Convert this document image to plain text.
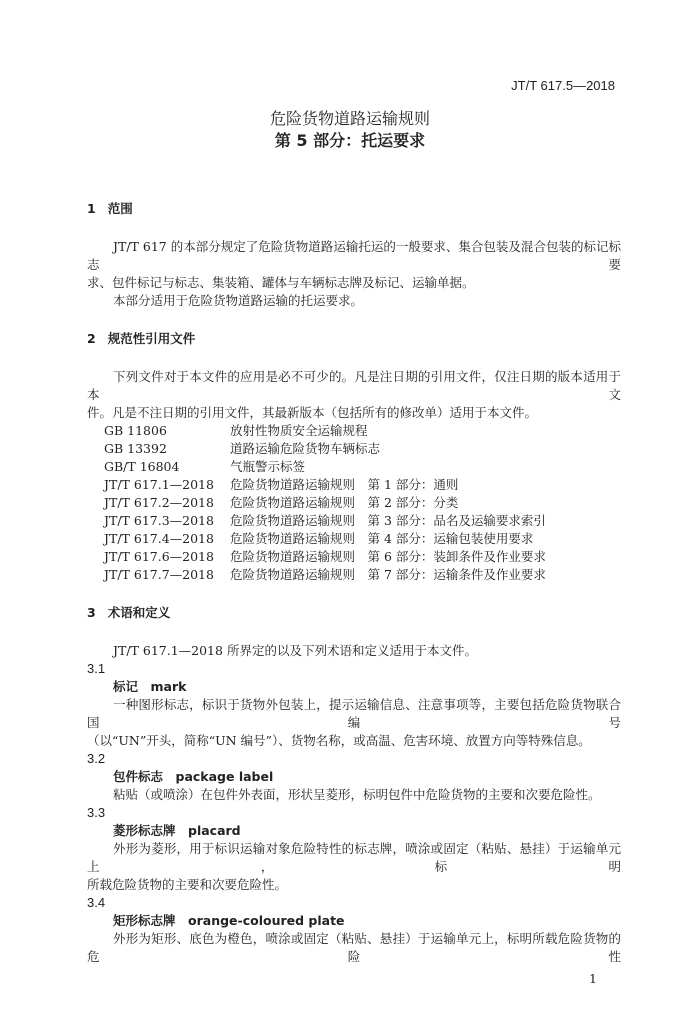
JT/T 617.5—2018
危险货物道路运输规则
第 5 部分：托运要求
1 范围
JT/T 617 的本部分规定了危险货物道路运输托运的一般要求、集合包装及混合包装的标记标志要
求、包件标记与标志、集装箱、罐体与车辆标志牌及标记、运输单据。
本部分适用于危险货物道路运输的托运要求。
2 规范性引用文件
下列文件对于本文件的应用是必不可少的。凡是注日期的引用文件，仅注日期的版本适用于本文
件。凡是不注日期的引用文件，其最新版本（包括所有的修改单）适用于本文件。
GB 11806	放射性物质安全运输规程
GB 13392	道路运输危险货物车辆标志
GB/T 16804	气瓶警示标签
JT/T 617.1—2018 危险货物道路运输规则　第 1 部分：通则
JT/T 617.2—2018 危险货物道路运输规则　第 2 部分：分类
JT/T 617.3—2018 危险货物道路运输规则　第 3 部分：品名及运输要求索引
JT/T 617.4—2018 危险货物道路运输规则　第 4 部分：运输包装使用要求
JT/T 617.6—2018 危险货物道路运输规则　第 6 部分：装卸条件及作业要求
JT/T 617.7—2018 危险货物道路运输规则　第 7 部分：运输条件及作业要求
3 术语和定义
JT/T 617.1—2018 所界定的以及下列术语和定义适用于本文件。
3.1
标记　mark
一种图形标志，标识于货物外包装上，提示运输信息、注意事项等，主要包括危险货物联合国编号
（以“UN”开头，简称“UN 编号”）、货物名称，或高温、危害环境、放置方向等特殊信息。
3.2
包件标志　package label
粘贴（或喷涂）在包件外表面，形状呈菱形，标明包件中危险货物的主要和次要危险性。
3.3
菱形标志牌　placard
外形为菱形，用于标识运输对象危险特性的标志牌，喷涂或固定（粘贴、悬挂）于运输单元上，标明
所载危险货物的主要和次要危险性。
3.4
矩形标志牌　orange-coloured plate
外形为矩形、底色为橙色，喷涂或固定（粘贴、悬挂）于运输单元上，标明所载危险货物的危险性
1
